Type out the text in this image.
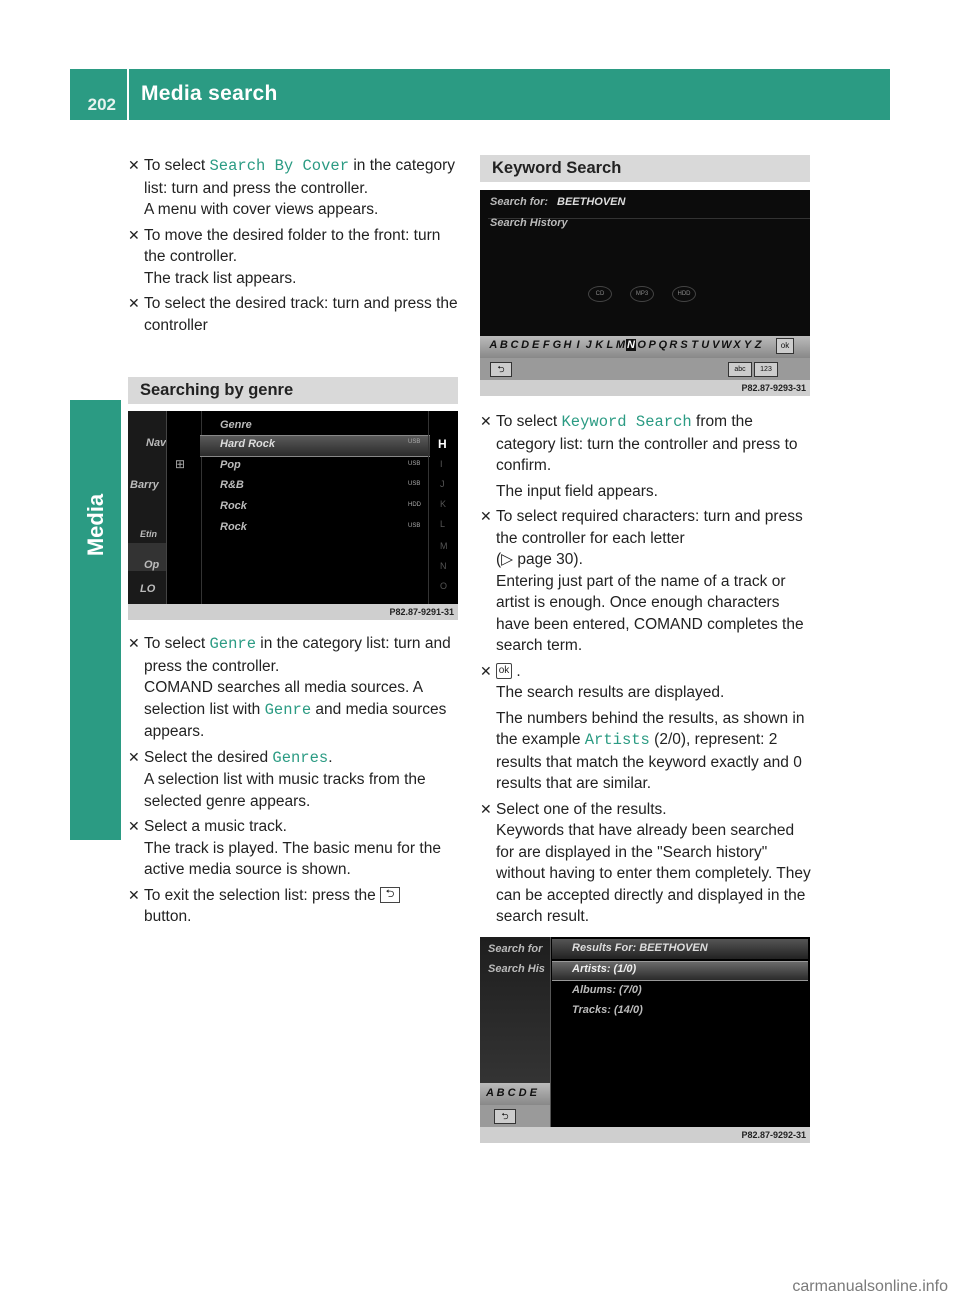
202	Media search
Media
✕ To select Search By Cover in the category list: turn and press the controller.
A menu with cover views appears.
✕ To move the desired folder to the front: turn the controller.
The track list appears.
✕ To select the desired track: turn and press the controller
Searching by genre
Nav
Barry
Etin
Op
LO
⊞
Genre
Hard Rock
Pop
R&B
Rock
Rock
USB
USB
USB
HDD
USB
H
I
J
K
L
M
N
O
P82.87-9291-31
✕ To select Genre in the category list: turn and press the controller.
COMAND searches all media sources. A selection list with Genre and media sources appears.
✕ Select the desired Genres.
A selection list with music tracks from the selected genre appears.
✕ Select a music track.
The track is played. The basic menu for the active media source is shown.
✕ To exit the selection list: press the ⮌
button.
Keyword Search
Search for: BEETHOVEN
Search History
CD	MP3	HDD
A B C D E F G H I J K L M N O P Q R S T U V W X Y Z	ok
⮌	abc	123
P82.87-9293-31
✕ To select Keyword Search from the category list: turn the controller and press to confirm.

The input field appears.

✕ To select required characters: turn and press the controller for each letter
(▷ page 30).
Entering just part of the name of a track or artist is enough. Once enough characters have been entered, COMAND completes the search term.
✕ ok .

The search results are displayed.

The numbers behind the results, as shown in the example Artists (2/0), represent: 2 results that match the keyword exactly and 0 results that are similar.

✕ Select one of the results.
Keywords that have already been searched for are displayed in the "Search history" without having to enter them completely. They can be accepted directly and displayed in the search result.
Search for
Search His
A B C D E
⮌
Results For: BEETHOVEN
Artists: (1/0)
Albums: (7/0)
Tracks: (14/0)
P82.87-9292-31
carmanualsonline.info
